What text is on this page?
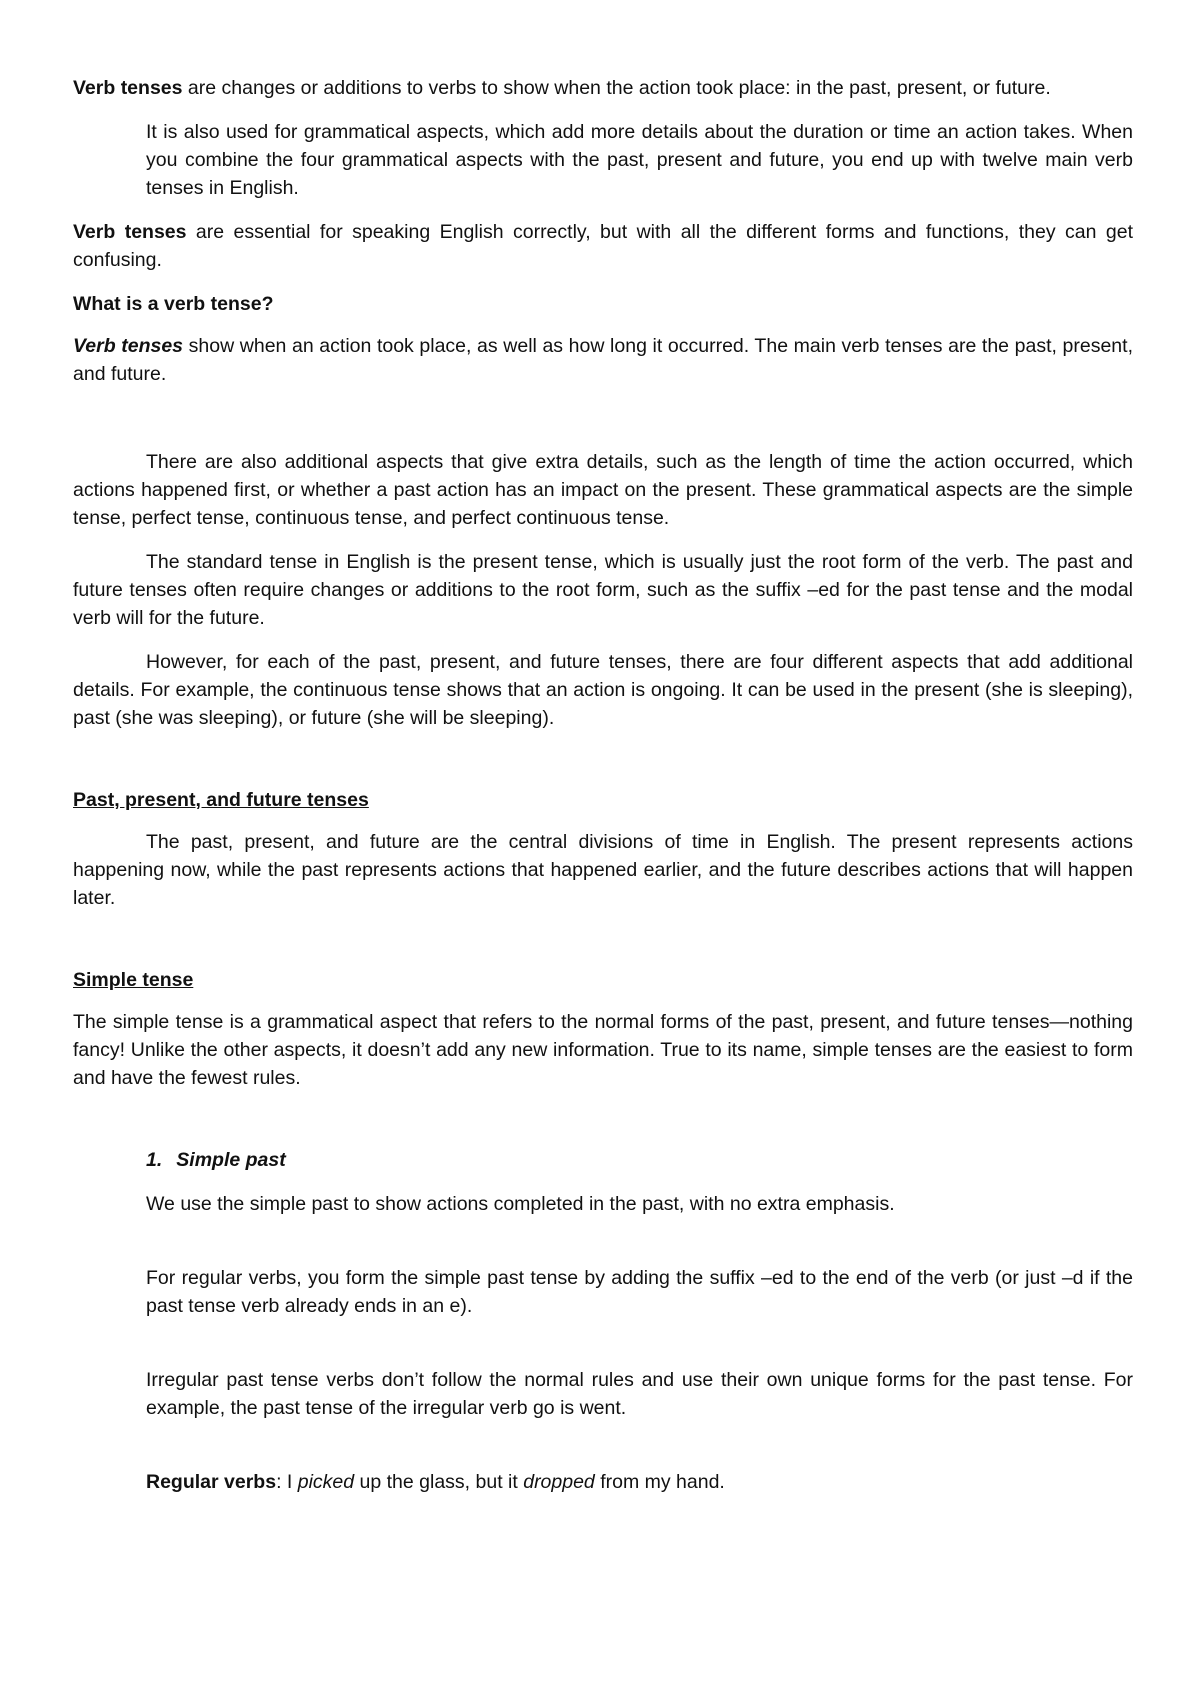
Verb tenses are changes or additions to verbs to show when the action took place: in the past, present, or future.

It is also used for grammatical aspects, which add more details about the duration or time an action takes. When you combine the four grammatical aspects with the past, present and future, you end up with twelve main verb tenses in English.

Verb tenses are essential for speaking English correctly, but with all the different forms and functions, they can get confusing.

What is a verb tense?

Verb tenses show when an action took place, as well as how long it occurred. The main verb tenses are the past, present, and future.

There are also additional aspects that give extra details, such as the length of time the action occurred, which actions happened first, or whether a past action has an impact on the present. These grammatical aspects are the simple tense, perfect tense, continuous tense, and perfect continuous tense.

The standard tense in English is the present tense, which is usually just the root form of the verb. The past and future tenses often require changes or additions to the root form, such as the suffix –ed for the past tense and the modal verb will for the future.

However, for each of the past, present, and future tenses, there are four different aspects that add additional details. For example, the continuous tense shows that an action is ongoing. It can be used in the present (she is sleeping), past (she was sleeping), or future (she will be sleeping).

Past, present, and future tenses

The past, present, and future are the central divisions of time in English. The present represents actions happening now, while the past represents actions that happened earlier, and the future describes actions that will happen later.

Simple tense

The simple tense is a grammatical aspect that refers to the normal forms of the past, present, and future tenses—nothing fancy! Unlike the other aspects, it doesn’t add any new information. True to its name, simple tenses are the easiest to form and have the fewest rules.

1. Simple past

We use the simple past to show actions completed in the past, with no extra emphasis.

For regular verbs, you form the simple past tense by adding the suffix –ed to the end of the verb (or just –d if the past tense verb already ends in an e).

Irregular past tense verbs don’t follow the normal rules and use their own unique forms for the past tense. For example, the past tense of the irregular verb go is went.

Regular verbs: I picked up the glass, but it dropped from my hand.
